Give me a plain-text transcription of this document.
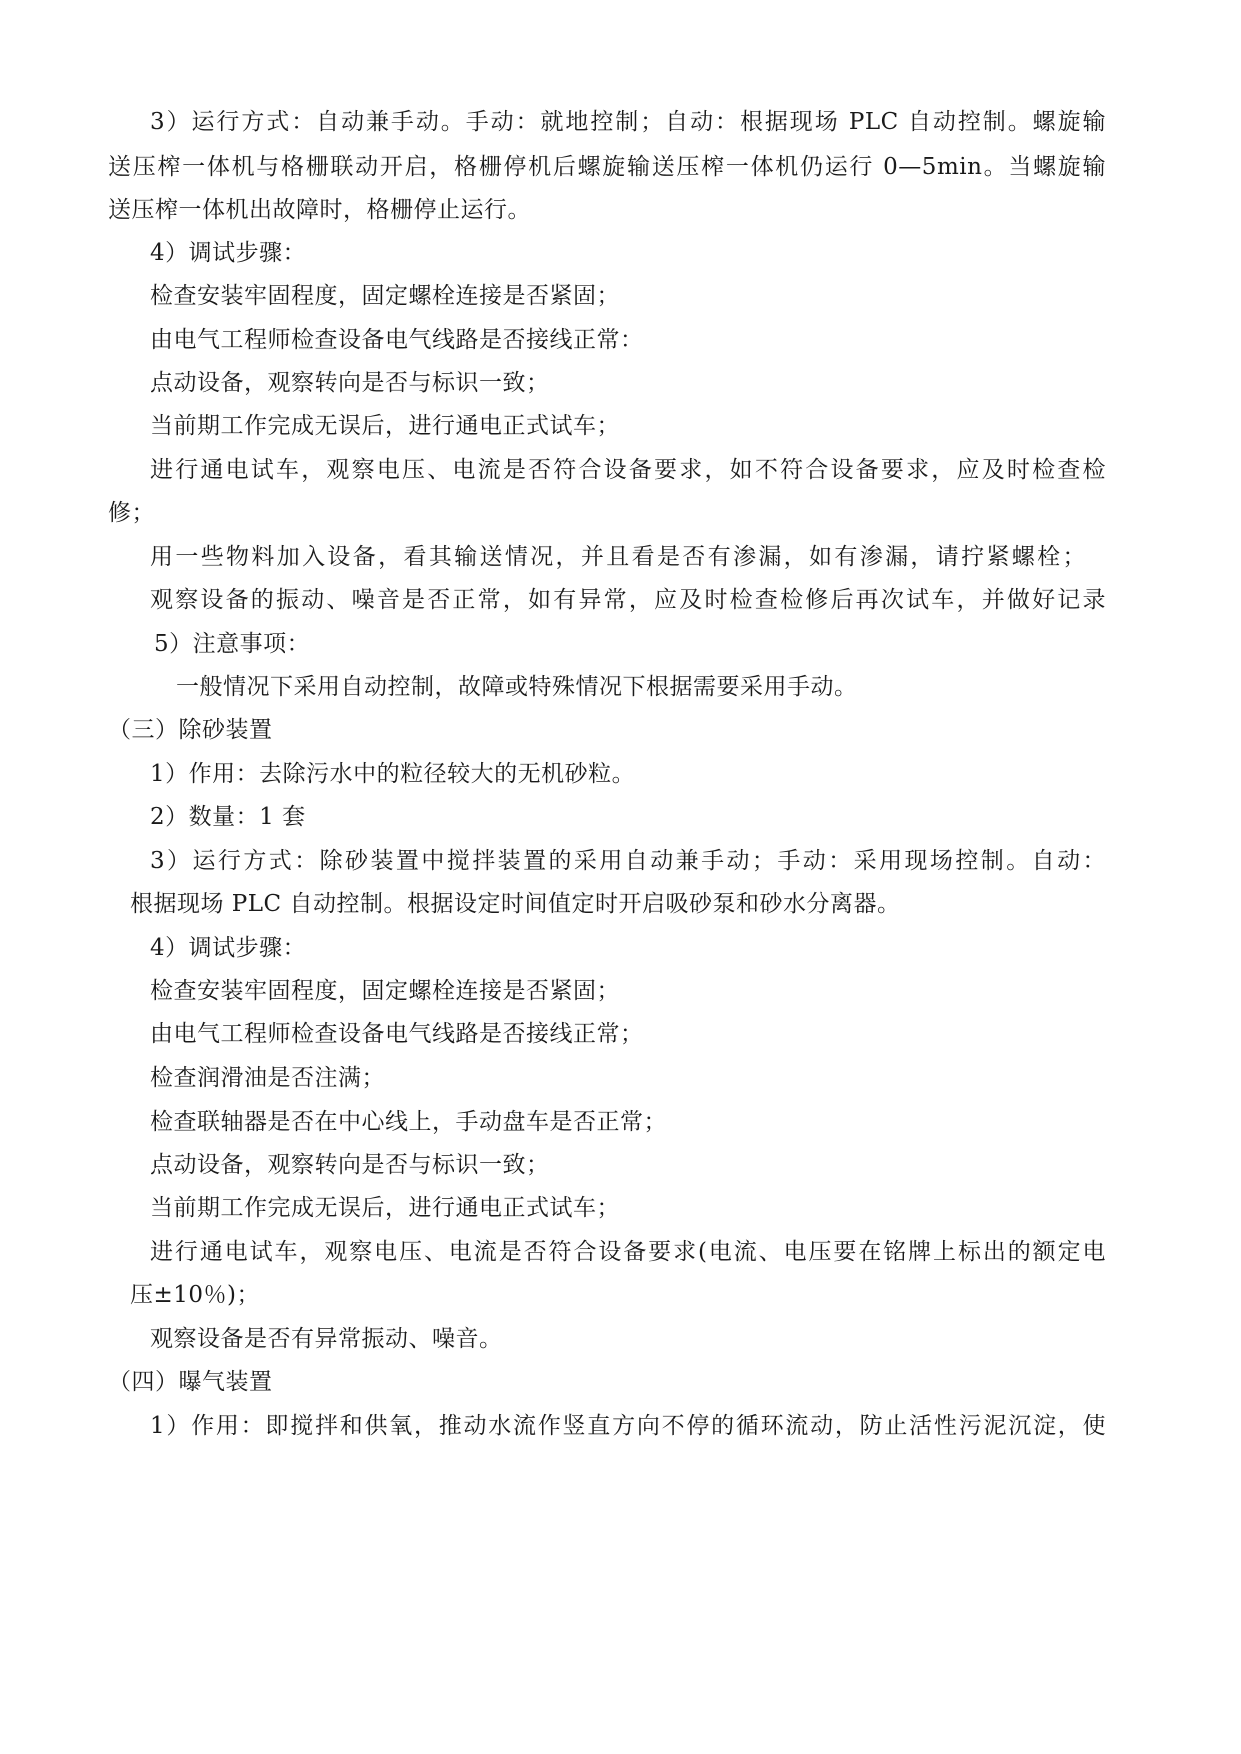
3）运行方式：自动兼手动。手动：就地控制；自动：根据现场 PLC 自动控制。螺旋输
送压榨一体机与格栅联动开启，格栅停机后螺旋输送压榨一体机仍运行 0—5min。当螺旋输
送压榨一体机出故障时，格栅停止运行。
4）调试步骤：
检查安装牢固程度，固定螺栓连接是否紧固；
由电气工程师检查设备电气线路是否接线正常：
点动设备，观察转向是否与标识一致；
当前期工作完成无误后，进行通电正式试车；
进行通电试车，观察电压、电流是否符合设备要求，如不符合设备要求，应及时检查检
修；
用一些物料加入设备，看其输送情况，并且看是否有渗漏，如有渗漏，请拧紧螺栓；
观察设备的振动、噪音是否正常，如有异常，应及时检查检修后再次试车，并做好记录
5）注意事项：
一般情况下采用自动控制，故障或特殊情况下根据需要采用手动。
（三）除砂装置
1）作用：去除污水中的粒径较大的无机砂粒。
2）数量：1 套
3）运行方式：除砂装置中搅拌装置的采用自动兼手动；手动：采用现场控制。自动：
根据现场 PLC 自动控制。根据设定时间值定时开启吸砂泵和砂水分离器。
4）调试步骤：
检查安装牢固程度，固定螺栓连接是否紧固；
由电气工程师检查设备电气线路是否接线正常；
检查润滑油是否注满；
检查联轴器是否在中心线上，手动盘车是否正常；
点动设备，观察转向是否与标识一致；
当前期工作完成无误后，进行通电正式试车；
进行通电试车，观察电压、电流是否符合设备要求(电流、电压要在铭牌上标出的额定电
压±10％)；
观察设备是否有异常振动、噪音。
（四）曝气装置
1）作用：即搅拌和供氧，推动水流作竖直方向不停的循环流动，防止活性污泥沉淀，使
